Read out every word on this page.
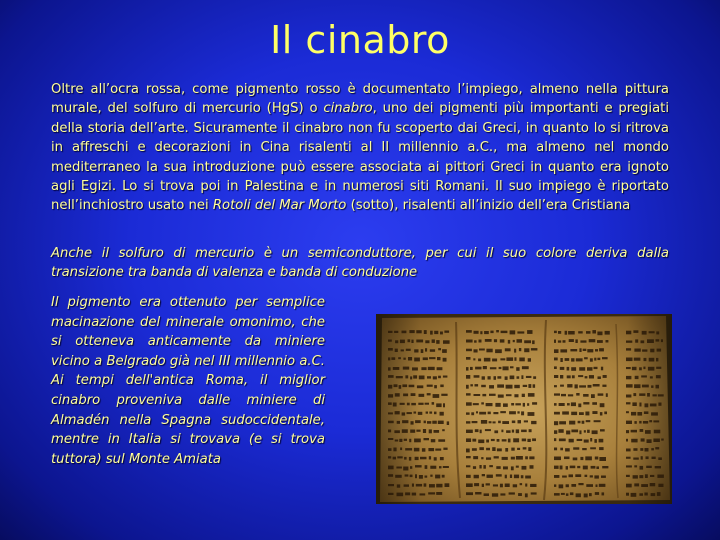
Il cinabro
Oltre all’ocra rossa, come pigmento rosso è documentato l’impiego, almeno nella pittura murale, del solfuro di mercurio (HgS) o cinabro, uno dei pigmenti più importanti e pregiati della storia dell’arte. Sicuramente il cinabro non fu scoperto dai Greci, in quanto lo si ritrova in affreschi e decorazioni in Cina risalenti al II millennio a.C., ma almeno nel mondo mediterraneo la sua introduzione può essere associata ai pittori Greci in quanto era ignoto agli Egizi. Lo si trova poi in Palestina e in numerosi siti Romani. Il suo impiego è riportato nell’inchiostro usato nei Rotoli del Mar Morto (sotto), risalenti all’inizio dell’era Cristiana
Anche il solfuro di mercurio è un semiconduttore, per cui il suo colore deriva dalla transizione tra banda di valenza e banda di conduzione
Il pigmento era ottenuto per semplice macinazione del minerale omonimo, che si otteneva anticamente da miniere vicino a Belgrado già nel III millennio a.C. Ai tempi dell'antica Roma, il miglior cinabro proveniva dalle miniere di Almadén nella Spagna sudoccidentale, mentre in Italia si trovava (e si trova tuttora) sul Monte Amiata
